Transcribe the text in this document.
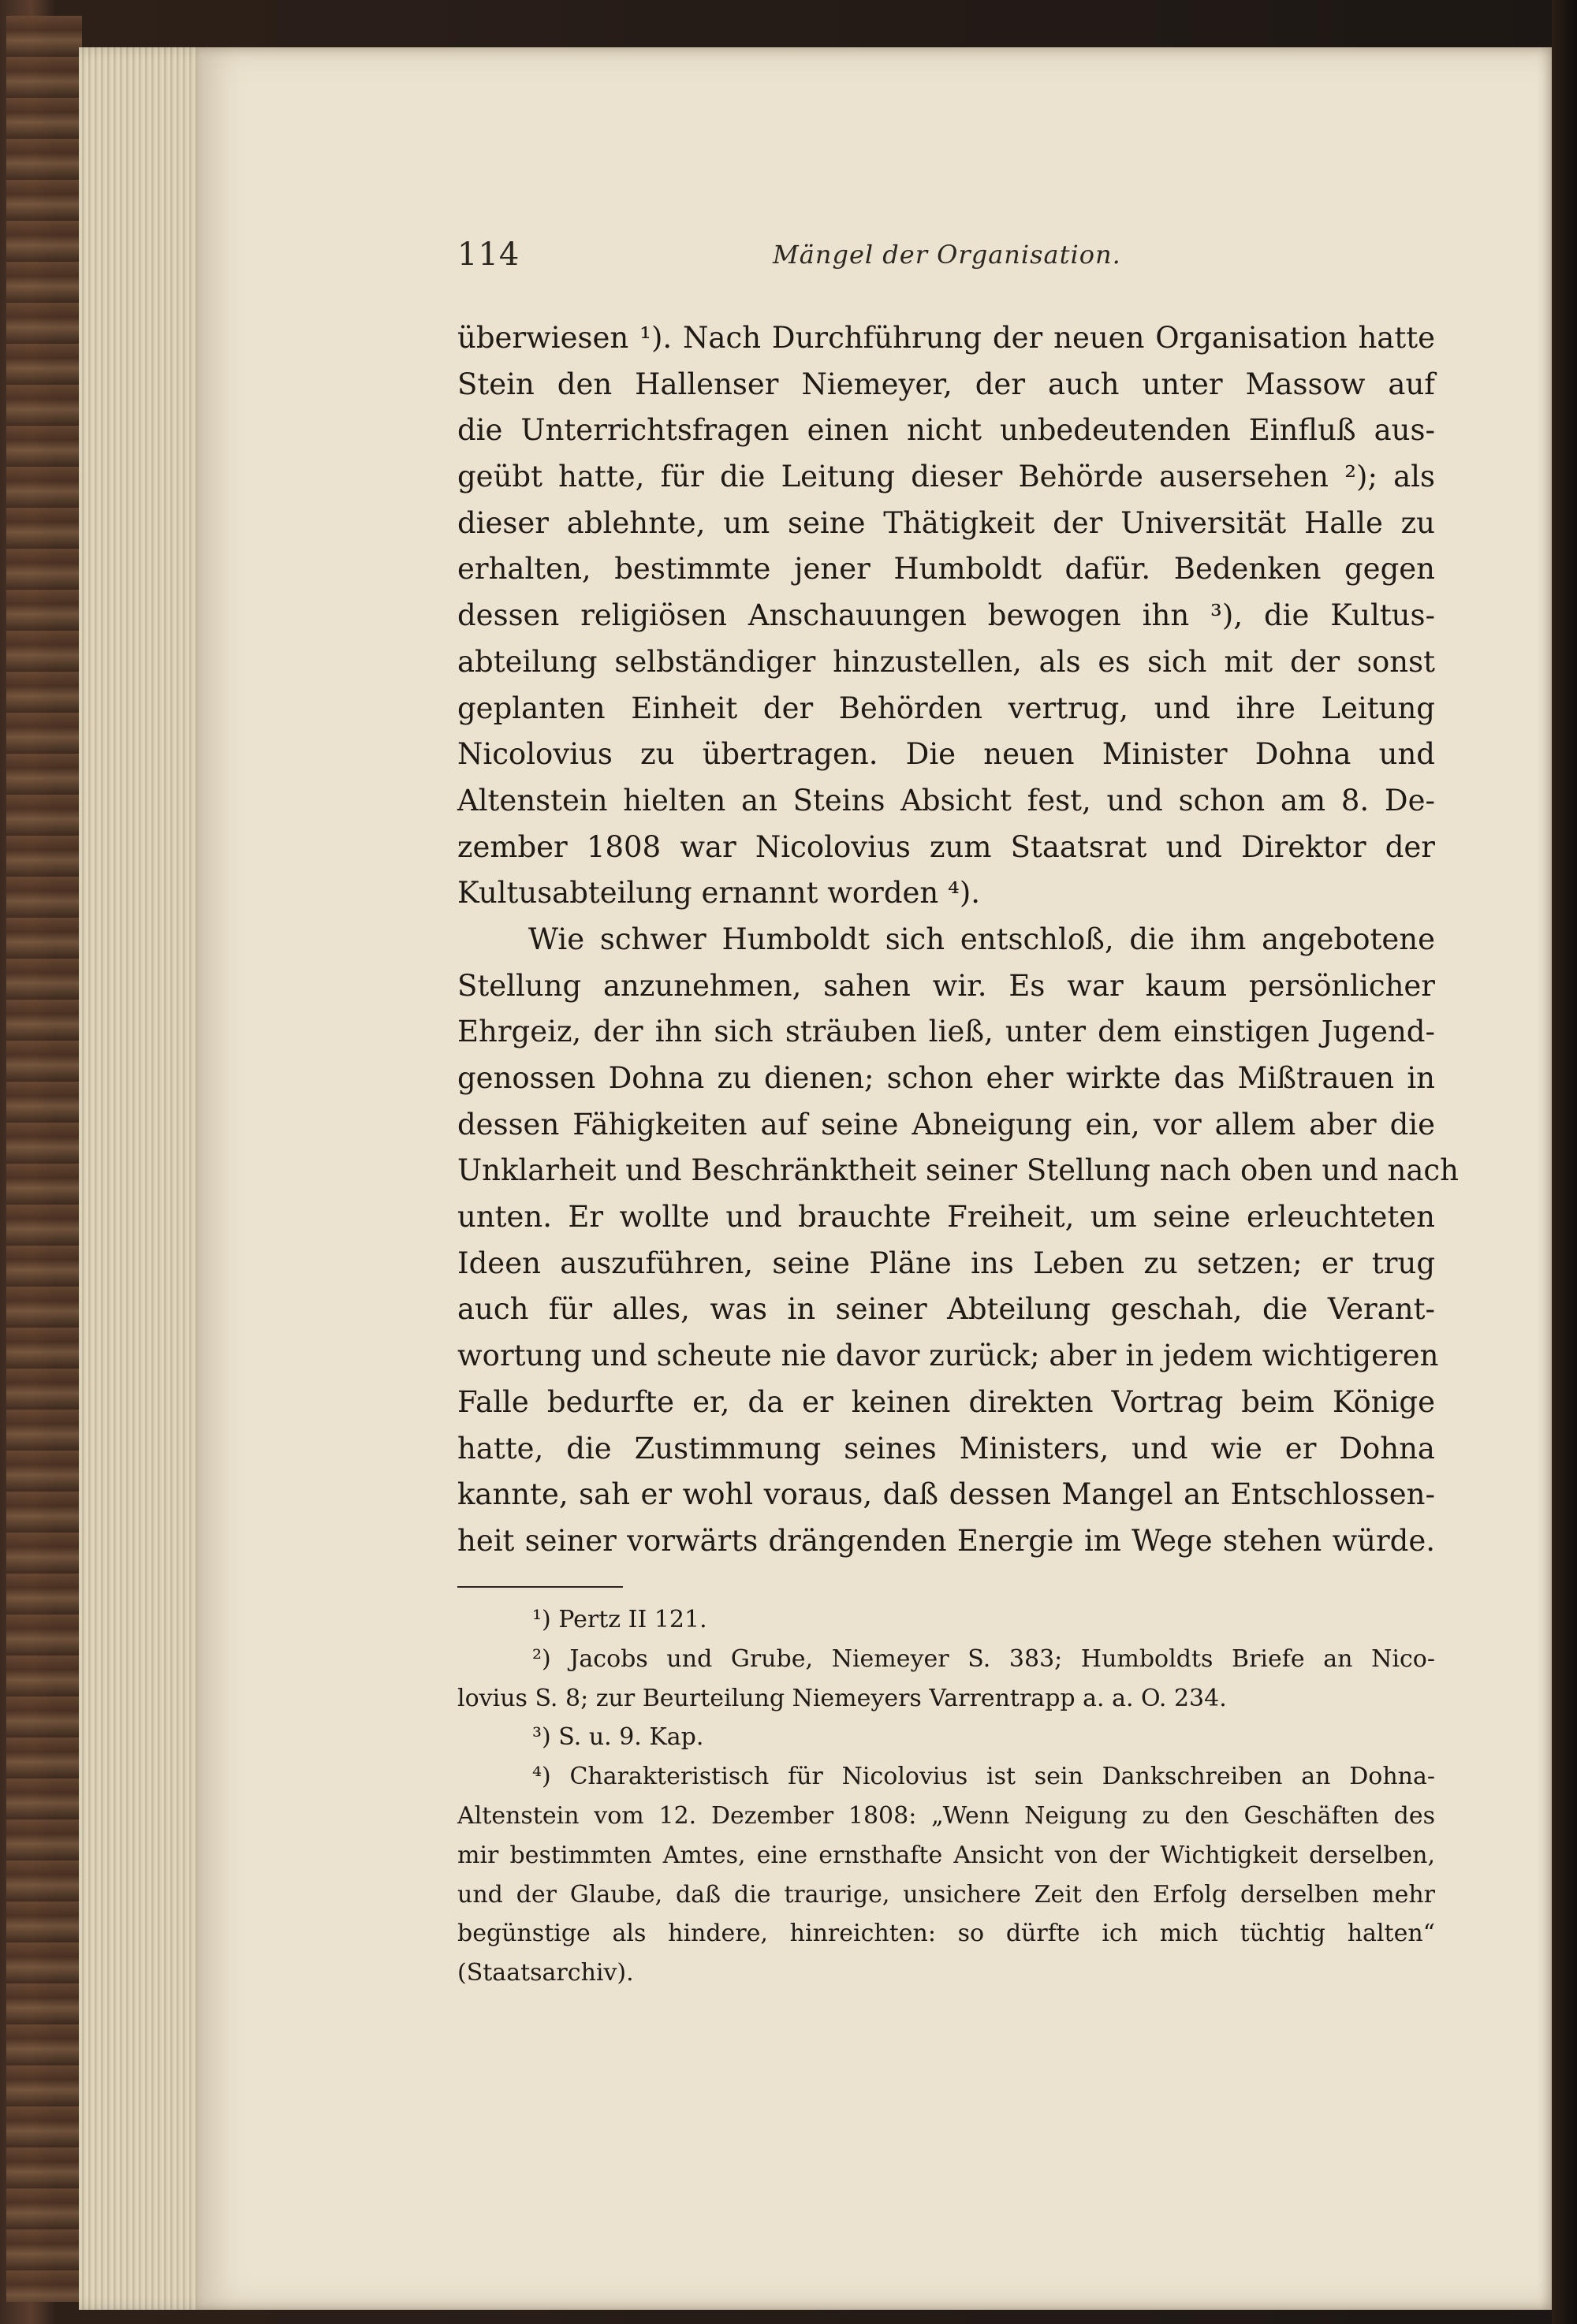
114	Mängel der Organisation.
überwiesen ¹). Nach Durchführung der neuen Organisation hatte
Stein den Hallenser Niemeyer, der auch unter Massow auf
die Unterrichtsfragen einen nicht unbedeutenden Einfluß aus-
geübt hatte, für die Leitung dieser Behörde ausersehen ²); als
dieser ablehnte, um seine Thätigkeit der Universität Halle zu
erhalten, bestimmte jener Humboldt dafür. Bedenken gegen
dessen religiösen Anschauungen bewogen ihn ³), die Kultus-
abteilung selbständiger hinzustellen, als es sich mit der sonst
geplanten Einheit der Behörden vertrug, und ihre Leitung
Nicolovius zu übertragen. Die neuen Minister Dohna und
Altenstein hielten an Steins Absicht fest, und schon am 8. De-
zember 1808 war Nicolovius zum Staatsrat und Direktor der
Kultusabteilung ernannt worden ⁴).
Wie schwer Humboldt sich entschloß, die ihm angebotene
Stellung anzunehmen, sahen wir. Es war kaum persönlicher
Ehrgeiz, der ihn sich sträuben ließ, unter dem einstigen Jugend-
genossen Dohna zu dienen; schon eher wirkte das Mißtrauen in
dessen Fähigkeiten auf seine Abneigung ein, vor allem aber die
Unklarheit und Beschränktheit seiner Stellung nach oben und nach
unten. Er wollte und brauchte Freiheit, um seine erleuchteten
Ideen auszuführen, seine Pläne ins Leben zu setzen; er trug
auch für alles, was in seiner Abteilung geschah, die Verant-
wortung und scheute nie davor zurück; aber in jedem wichtigeren
Falle bedurfte er, da er keinen direkten Vortrag beim Könige
hatte, die Zustimmung seines Ministers, und wie er Dohna
kannte, sah er wohl voraus, daß dessen Mangel an Entschlossen-
heit seiner vorwärts drängenden Energie im Wege stehen würde.
¹) Pertz II 121.
²) Jacobs und Grube, Niemeyer S. 383; Humboldts Briefe an Nico-
lovius S. 8; zur Beurteilung Niemeyers Varrentrapp a. a. O. 234.
³) S. u. 9. Kap.
⁴) Charakteristisch für Nicolovius ist sein Dankschreiben an Dohna-
Altenstein vom 12. Dezember 1808: „Wenn Neigung zu den Geschäften des
mir bestimmten Amtes, eine ernsthafte Ansicht von der Wichtigkeit derselben,
und der Glaube, daß die traurige, unsichere Zeit den Erfolg derselben mehr
begünstige als hindere, hinreichten: so dürfte ich mich tüchtig halten“
(Staatsarchiv).
